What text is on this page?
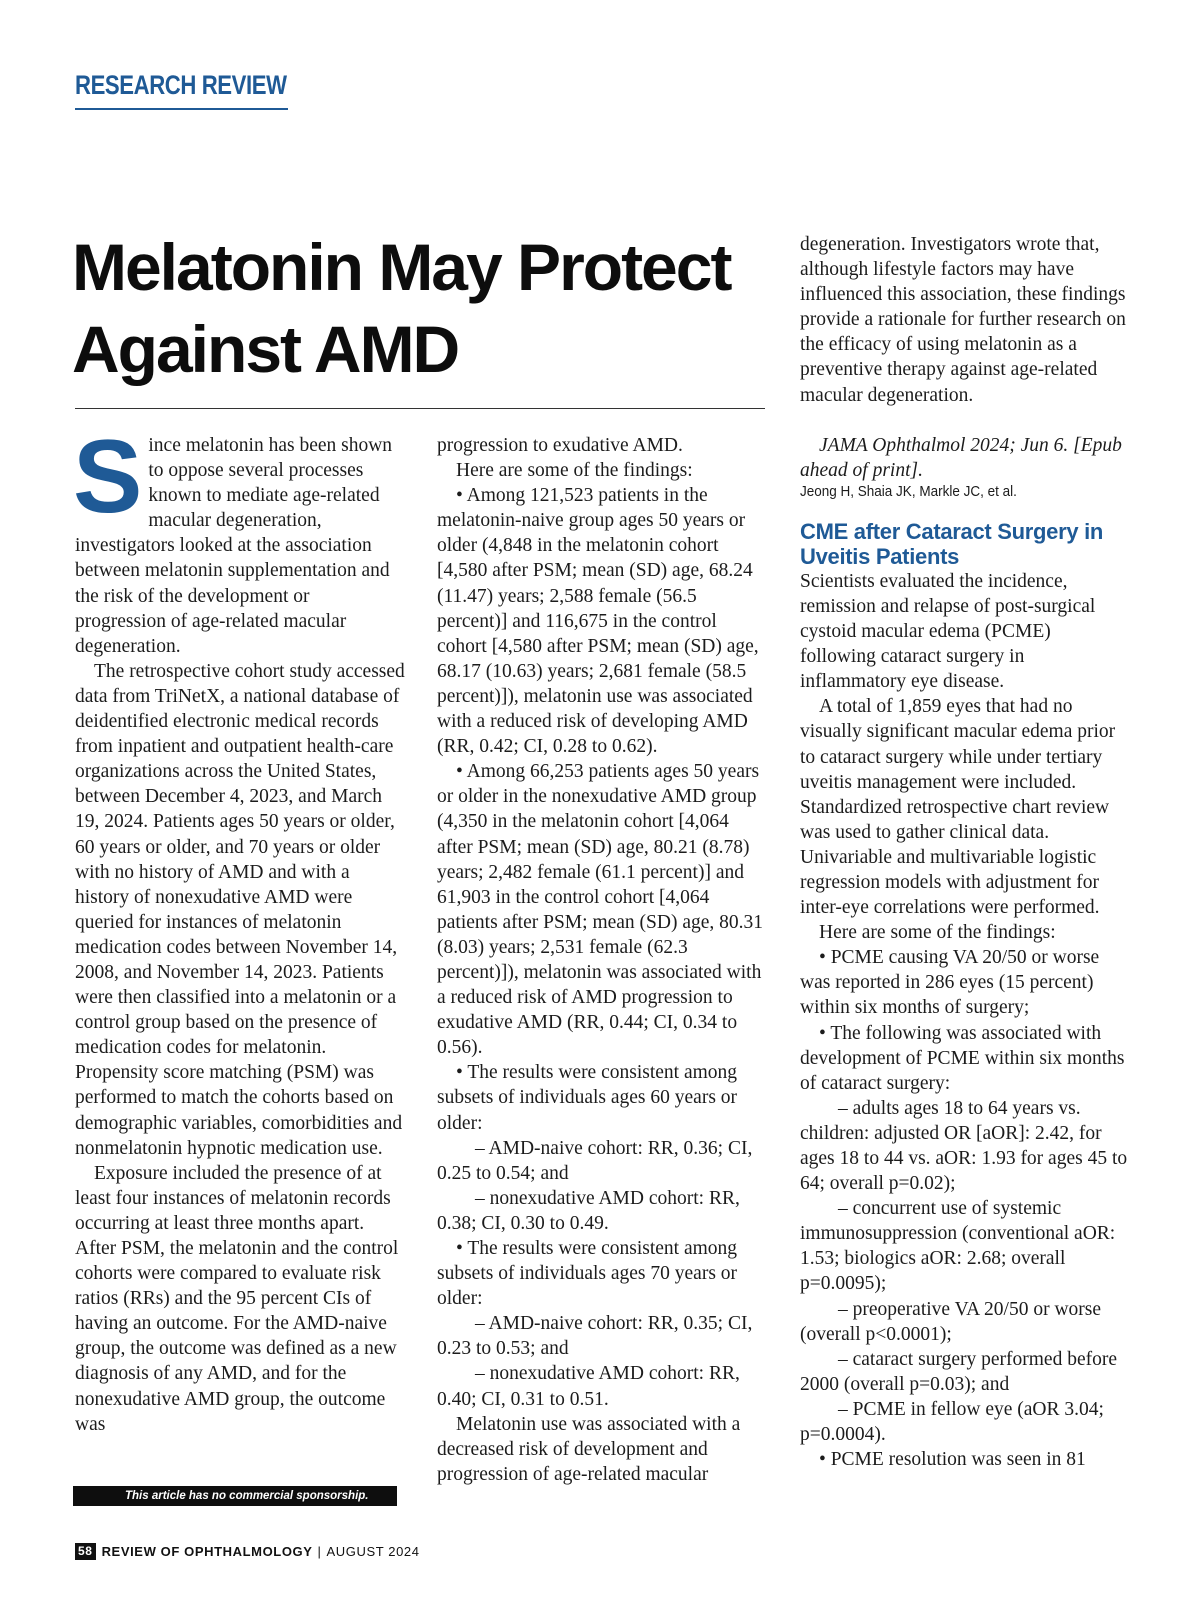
RESEARCH REVIEW
Melatonin May Protect Against AMD

Since melatonin has been shown to oppose several processes known to mediate age-related macular degeneration, investigators looked at the association between melatonin supplementation and the risk of the development or progression of age-related macular degeneration.

The retrospective cohort study accessed data from TriNetX, a national database of deidentified electronic medical records from inpatient and outpatient health-care organizations across the United States, between December 4, 2023, and March 19, 2024. Patients ages 50 years or older, 60 years or older, and 70 years or older with no history of AMD and with a history of nonexudative AMD were queried for instances of melatonin medication codes between November 14, 2008, and November 14, 2023. Patients were then classified into a melatonin or a control group based on the presence of medication codes for melatonin. Propensity score matching (PSM) was performed to match the cohorts based on demographic variables, comorbidities and nonmelatonin hypnotic medication use.

Exposure included the presence of at least four instances of melatonin records occurring at least three months apart. After PSM, the melatonin and the control cohorts were compared to evaluate risk ratios (RRs) and the 95 percent CIs of having an outcome. For the AMD-naive group, the outcome was defined as a new diagnosis of any AMD, and for the nonexudative AMD group, the outcome was

progression to exudative AMD.

Here are some of the findings:

• Among 121,523 patients in the melatonin-naive group ages 50 years or older (4,848 in the melatonin cohort [4,580 after PSM; mean (SD) age, 68.24 (11.47) years; 2,588 female (56.5 percent)] and 116,675 in the control cohort [4,580 after PSM; mean (SD) age, 68.17 (10.63) years; 2,681 female (58.5 percent)]), melatonin use was associated with a reduced risk of developing AMD (RR, 0.42; CI, 0.28 to 0.62).

• Among 66,253 patients ages 50 years or older in the nonexudative AMD group (4,350 in the melatonin cohort [4,064 after PSM; mean (SD) age, 80.21 (8.78) years; 2,482 female (61.1 percent)] and 61,903 in the control cohort [4,064 patients after PSM; mean (SD) age, 80.31 (8.03) years; 2,531 female (62.3 percent)]), melatonin was associated with a reduced risk of AMD progression to exudative AMD (RR, 0.44; CI, 0.34 to 0.56).

• The results were consistent among subsets of individuals ages 60 years or older:

– AMD-naive cohort: RR, 0.36; CI, 0.25 to 0.54; and

– nonexudative AMD cohort: RR, 0.38; CI, 0.30 to 0.49.

• The results were consistent among subsets of individuals ages 70 years or older:

– AMD-naive cohort: RR, 0.35; CI, 0.23 to 0.53; and

– nonexudative AMD cohort: RR, 0.40; CI, 0.31 to 0.51.

Melatonin use was associated with a decreased risk of development and progression of age-related macular

degeneration. Investigators wrote that, although lifestyle factors may have influenced this association, these findings provide a rationale for further research on the efficacy of using melatonin as a preventive therapy against age-related macular degeneration.

JAMA Ophthalmol 2024; Jun 6. [Epub ahead of print].

Jeong H, Shaia JK, Markle JC, et al.

CME after Cataract Surgery in Uveitis Patients

Scientists evaluated the incidence, remission and relapse of post-surgical cystoid macular edema (PCME) following cataract surgery in inflammatory eye disease.

A total of 1,859 eyes that had no visually significant macular edema prior to cataract surgery while under tertiary uveitis management were included. Standardized retrospective chart review was used to gather clinical data. Univariable and multivariable logistic regression models with adjustment for inter-eye correlations were performed.

Here are some of the findings:

• PCME causing VA 20/50 or worse was reported in 286 eyes (15 percent) within six months of surgery;

• The following was associated with development of PCME within six months of cataract surgery:

– adults ages 18 to 64 years vs. children: adjusted OR [aOR]: 2.42, for ages 18 to 44 vs. aOR: 1.93 for ages 45 to 64; overall p=0.02);

– concurrent use of systemic immunosuppression (conventional aOR: 1.53; biologics aOR: 2.68; overall p=0.0095);

– preoperative VA 20/50 or worse (overall p<0.0001);

– cataract surgery performed before 2000 (overall p=0.03); and

– PCME in fellow eye (aOR 3.04; p=0.0004).

• PCME resolution was seen in 81

This article has no commercial sponsorship.
58 REVIEW OF OPHTHALMOLOGY | AUGUST 2024
